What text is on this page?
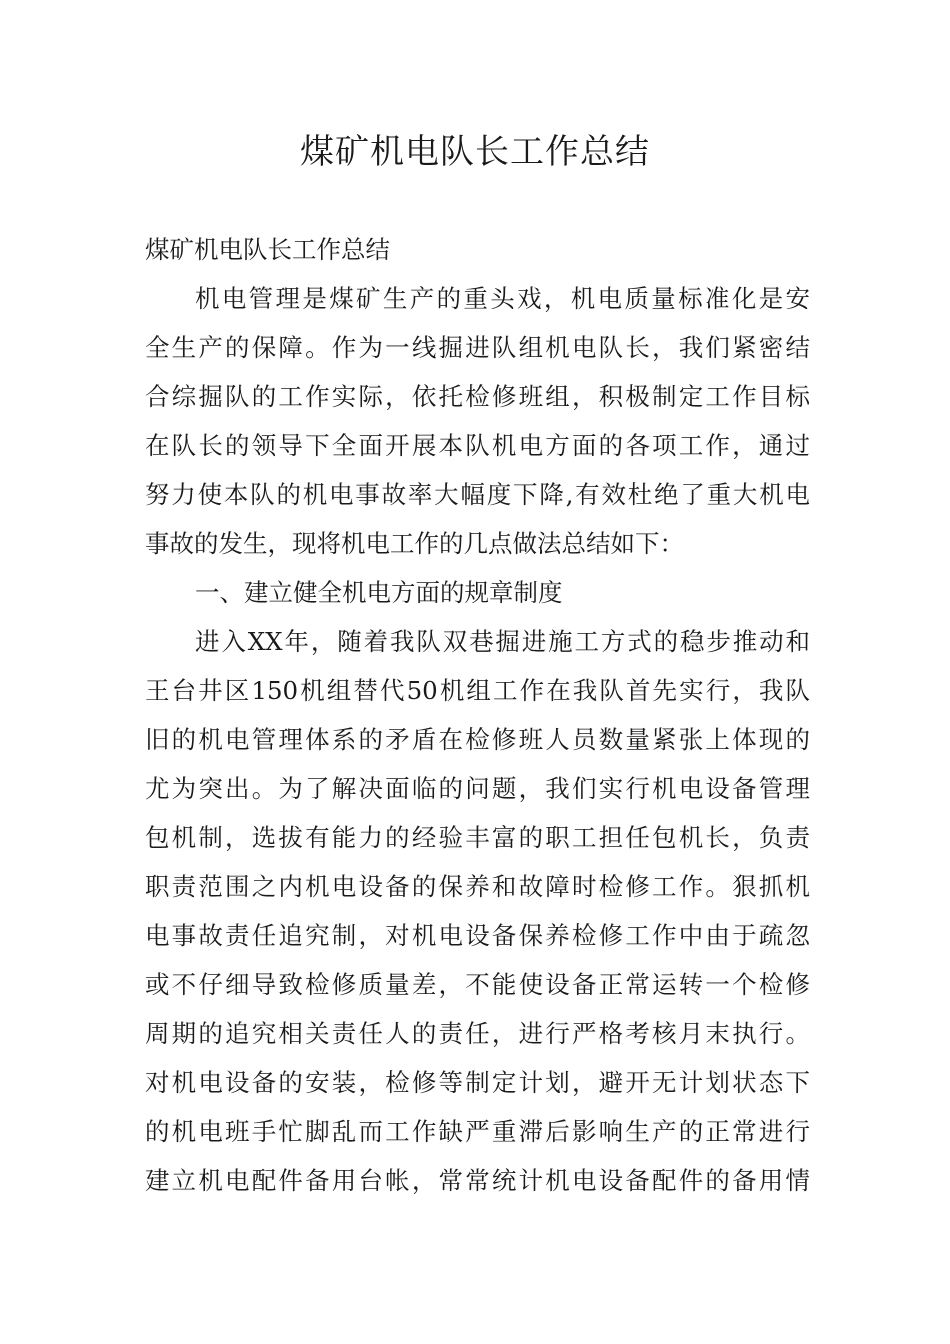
煤矿机电队长工作总结
煤矿机电队长工作总结
机电管理是煤矿生产的重头戏，机电质量标准化是安
全生产的保障。作为一线掘进队组机电队长，我们紧密结
合综掘队的工作实际，依托检修班组，积极制定工作目标
在队长的领导下全面开展本队机电方面的各项工作，通过
努力使本队的机电事故率大幅度下降,有效杜绝了重大机电
事故的发生，现将机电工作的几点做法总结如下：
一、建立健全机电方面的规章制度
进入XX年，随着我队双巷掘进施工方式的稳步推动和
王台井区150机组替代50机组工作在我队首先实行，我队
旧的机电管理体系的矛盾在检修班人员数量紧张上体现的
尤为突出。为了解决面临的问题，我们实行机电设备管理
包机制，选拔有能力的经验丰富的职工担任包机长，负责
职责范围之内机电设备的保养和故障时检修工作。狠抓机
电事故责任追究制，对机电设备保养检修工作中由于疏忽
或不仔细导致检修质量差，不能使设备正常运转一个检修
周期的追究相关责任人的责任，进行严格考核月末执行。
对机电设备的安装，检修等制定计划，避开无计划状态下
的机电班手忙脚乱而工作缺严重滞后影响生产的正常进行
建立机电配件备用台帐，常常统计机电设备配件的备用情
